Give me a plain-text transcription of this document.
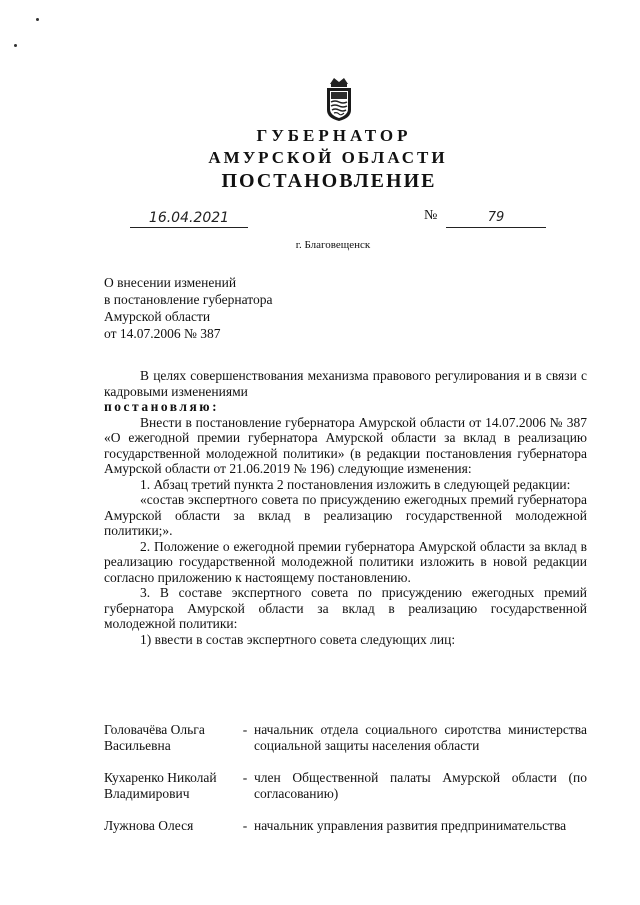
ГУБЕРНАТОР
АМУРСКОЙ ОБЛАСТИ
ПОСТАНОВЛЕНИЕ
16.04.2021	№	79
г. Благовещенск
О внесении изменений
в постановление губернатора
Амурской области
от 14.07.2006 № 387

В целях совершенствования механизма правового регулирования и в связи с кадровыми изменениями

постановляю:

Внести в постановление губернатора Амурской области от 14.07.2006 № 387 «О ежегодной премии губернатора Амурской области за вклад в реализацию государственной молодежной политики» (в редакции постановления губернатора Амурской области от 21.06.2019 № 196) следующие изменения:

1. Абзац третий пункта 2 постановления изложить в следующей редакции:

«состав экспертного совета по присуждению ежегодных премий губернатора Амурской области за вклад в реализацию государственной молодежной политики;».

2. Положение о ежегодной премии губернатора Амурской области за вклад в реализацию государственной молодежной политики изложить в новой редакции согласно приложению к настоящему постановлению.

3. В составе экспертного совета по присуждению ежегодных премий губернатора Амурской области за вклад в реализацию государственной молодежной политики:

1) ввести в состав экспертного совета следующих лиц:

Головачёва Ольга Васильевна
- начальник отдела социального сиротства министерства социальной защиты населения области
Кухаренко Николай Владимирович
- член Общественной палаты Амурской области (по согласованию)
Лужнова Олеся	- начальник управления развития предпринимательства
